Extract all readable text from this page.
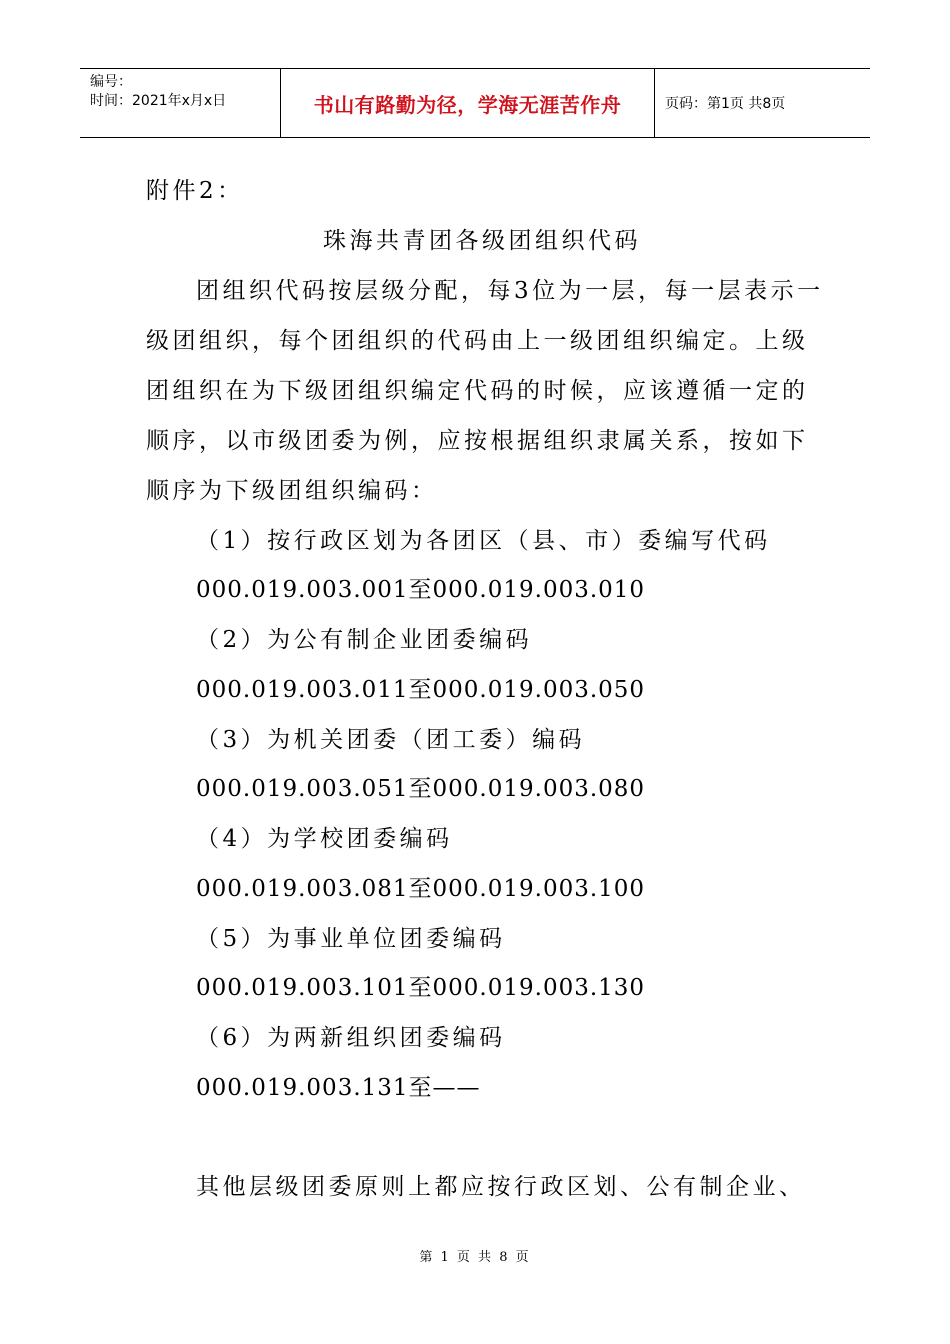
编号：
时间：2021年x月x日	书山有路勤为径，学海无涯苦作舟	页码：第1页 共8页
附件2：
珠海共青团各级团组织代码
团组织代码按层级分配，每3位为一层，每一层表示一
级团组织，每个团组织的代码由上一级团组织编定。上级
团组织在为下级团组织编定代码的时候，应该遵循一定的
顺序，以市级团委为例，应按根据组织隶属关系，按如下
顺序为下级团组织编码：
（1）按行政区划为各团区（县、市）委编写代码
000.019.003.001至000.019.003.010
（2）为公有制企业团委编码
000.019.003.011至000.019.003.050
（3）为机关团委（团工委）编码
000.019.003.051至000.019.003.080
（4）为学校团委编码
000.019.003.081至000.019.003.100
（5）为事业单位团委编码
000.019.003.101至000.019.003.130
（6）为两新组织团委编码
000.019.003.131至——
其他层级团委原则上都应按行政区划、公有制企业、
第 1 页 共 8 页
